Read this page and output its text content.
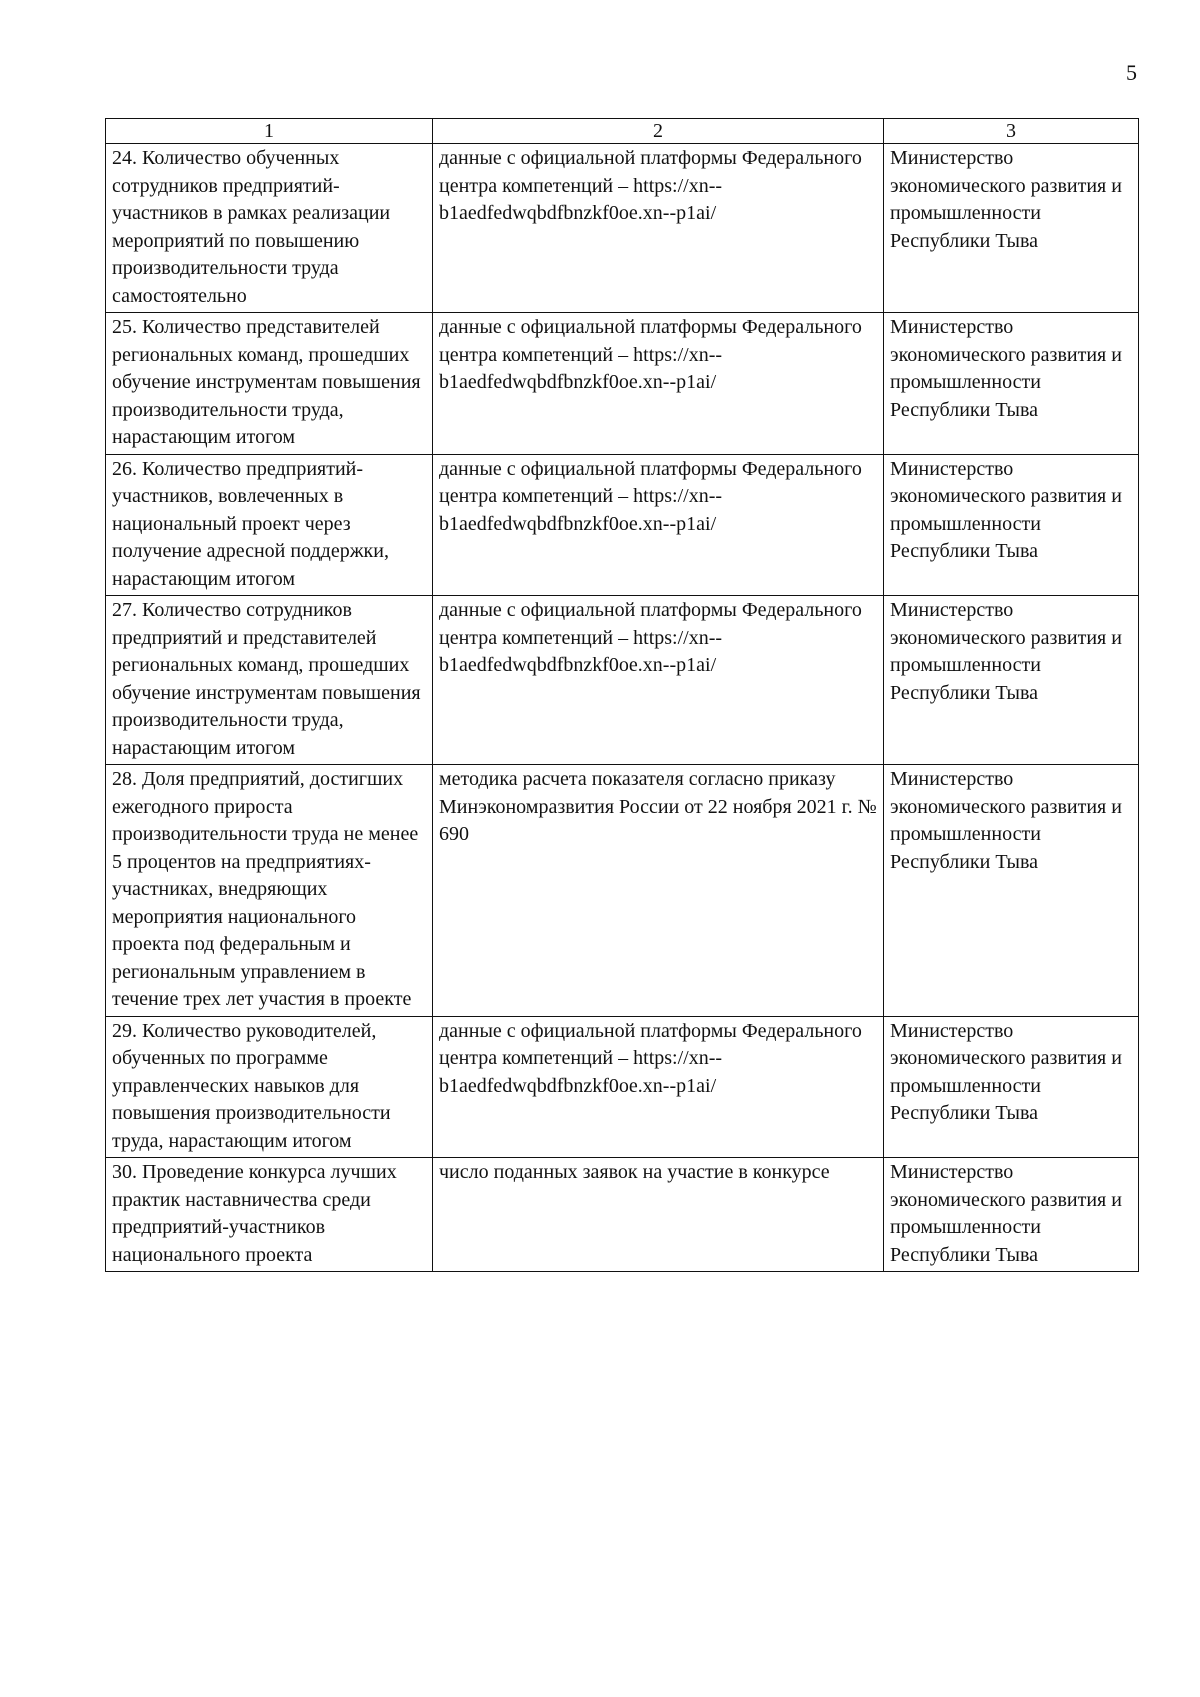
5
1	2	3
24. Количество обученных сотрудников предприятий-участников в рамках реализации мероприятий по повышению производительности труда самостоятельно	данные с официальной платформы Федерального центра компетенций – https://xn--b1aedfedwqbdfbnzkf0oe.xn--p1ai/	Министерство экономического развития и промышленности Республики Тыва
25. Количество представителей региональных команд, прошедших обучение инструментам повышения производительности труда, нарастающим итогом	данные с официальной платформы Федерального центра компетенций – https://xn--b1aedfedwqbdfbnzkf0oe.xn--p1ai/	Министерство экономического развития и промышленности Республики Тыва
26. Количество предприятий-участников, вовлеченных в национальный проект через получение адресной поддержки, нарастающим итогом	данные с официальной платформы Федерального центра компетенций – https://xn--b1aedfedwqbdfbnzkf0oe.xn--p1ai/	Министерство экономического развития и промышленности Республики Тыва
27. Количество сотрудников предприятий и представителей региональных команд, прошедших обучение инструментам повышения производительности труда, нарастающим итогом	данные с официальной платформы Федерального центра компетенций – https://xn--b1aedfedwqbdfbnzkf0oe.xn--p1ai/	Министерство экономического развития и промышленности Республики Тыва
28. Доля предприятий, достигших ежегодного прироста производительности труда не менее 5 процентов на предприятиях-участниках, внедряющих мероприятия национального проекта под федеральным и региональным управлением в течение трех лет участия в проекте	методика расчета показателя согласно приказу Минэкономразвития России от 22 ноября 2021 г. № 690	Министерство экономического развития и промышленности Республики Тыва
29. Количество руководителей, обученных по программе управленческих навыков для повышения производительности труда, нарастающим итогом	данные с официальной платформы Федерального центра компетенций – https://xn--b1aedfedwqbdfbnzkf0oe.xn--p1ai/	Министерство экономического развития и промышленности Республики Тыва
30. Проведение конкурса лучших практик наставничества среди предприятий-участников национального проекта	число поданных заявок на участие в конкурсе	Министерство экономического развития и промышленности Республики Тыва
